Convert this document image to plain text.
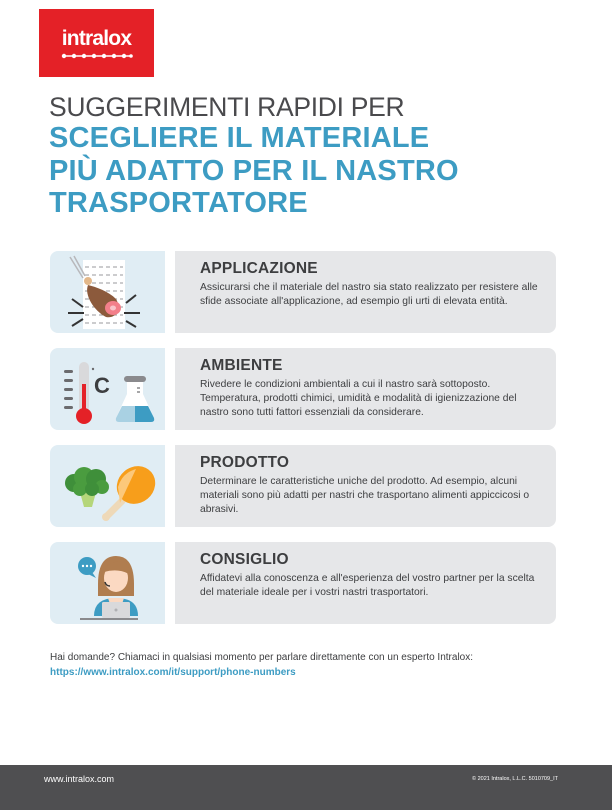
intralox
SUGGERIMENTI RAPIDI PER
SCEGLIERE IL MATERIALE
PIÙ ADATTO PER IL NASTRO
TRASPORTATORE
APPLICAZIONE
Assicurarsi che il materiale del nastro sia stato realizzato per resistere alle sfide associate all'applicazione, ad esempio gli urti di elevata entità.
C
AMBIENTE
Rivedere le condizioni ambientali a cui il nastro sarà sottoposto. Temperatura, prodotti chimici, umidità e modalità di igienizzazione del nastro sono tutti fattori essenziali da considerare.
PRODOTTO
Determinare le caratteristiche uniche del prodotto. Ad esempio, alcuni materiali sono più adatti per nastri che trasportano alimenti appiccicosi o abrasivi.
CONSIGLIO
Affidatevi alla conoscenza e all'esperienza del vostro partner per la scelta del materiale ideale per i vostri nastri trasportatori.
Hai domande? Chiamaci in qualsiasi momento per parlare direttamente con un esperto Intralox:
https://www.intralox.com/it/support/phone-numbers
www.intralox.com	© 2021 Intralox, L.L.C. 5010709_IT
